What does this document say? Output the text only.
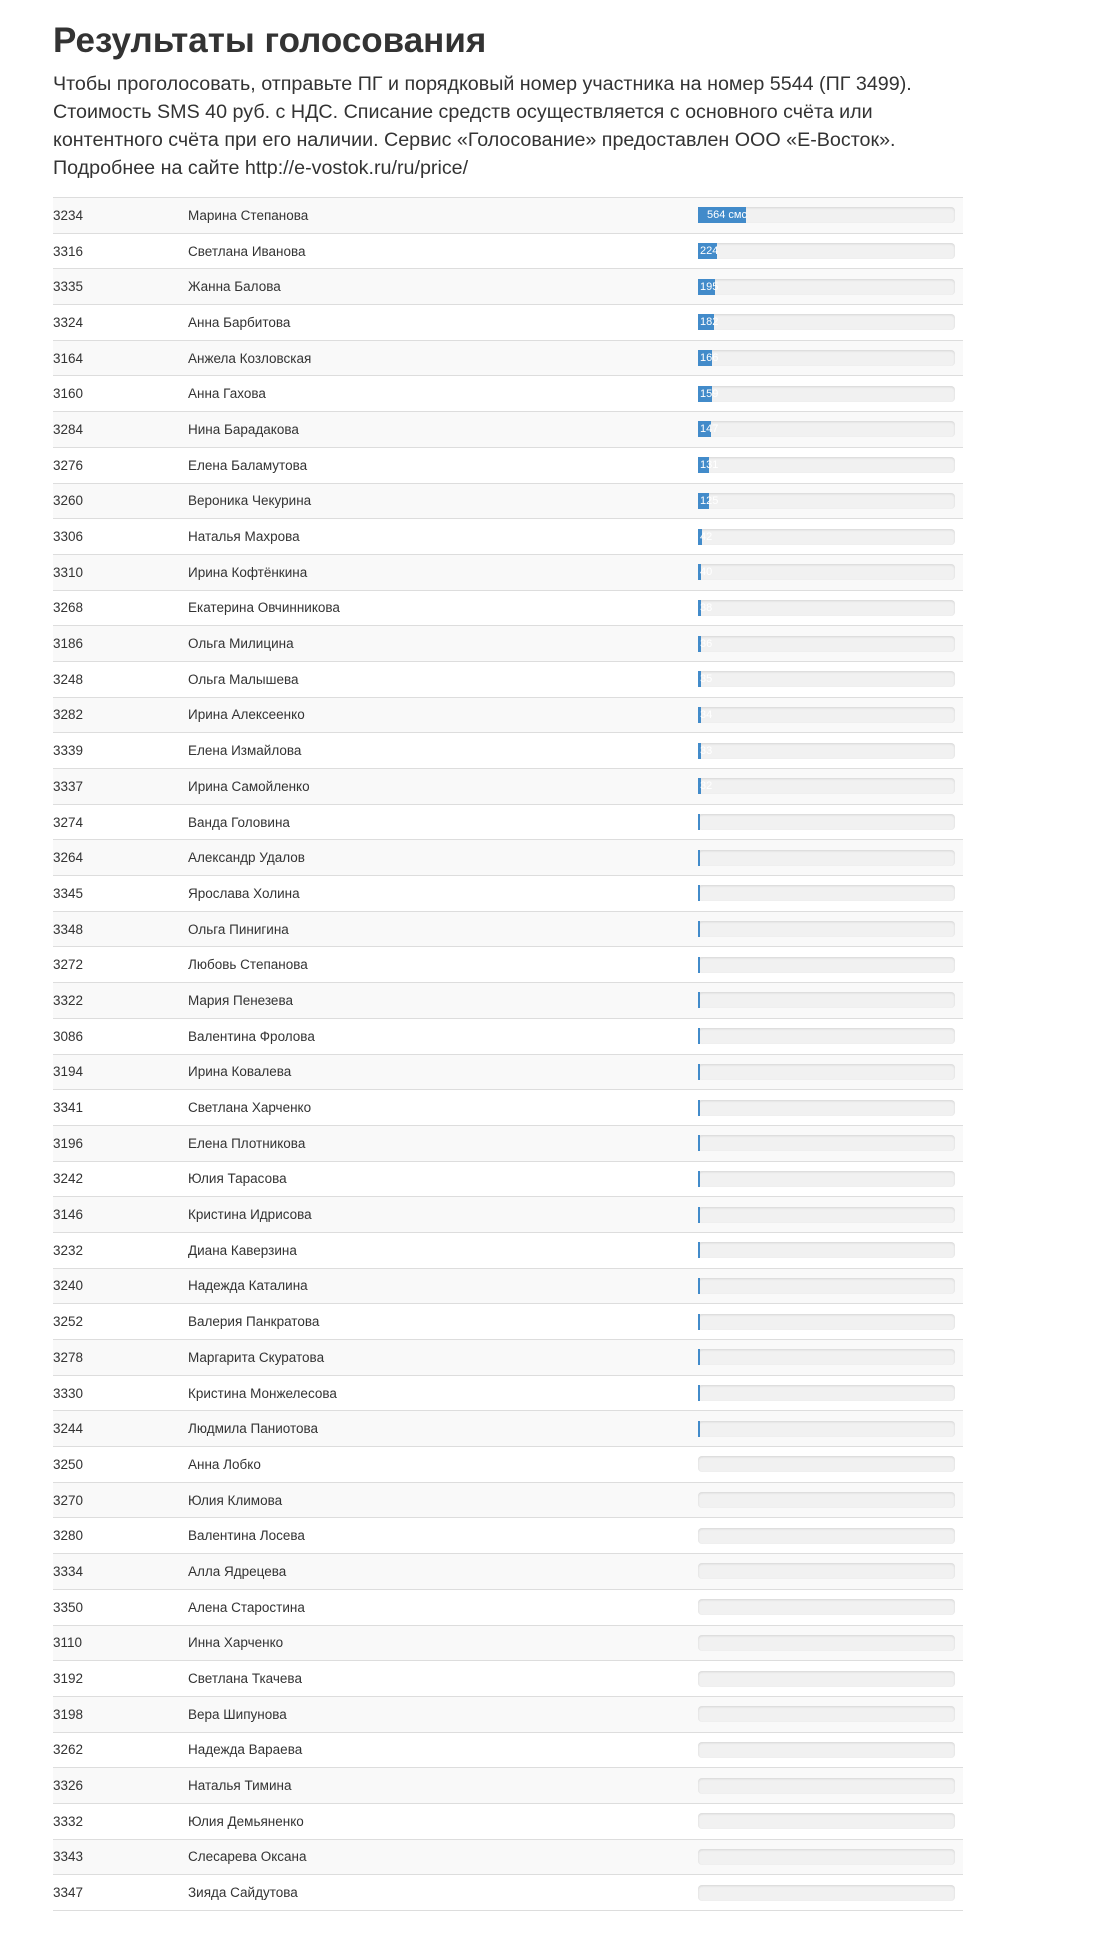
Результаты голосования

Чтобы проголосовать, отправьте ПГ и порядковый номер участника на номер 5544 (ПГ 3499).
Стоимость SMS 40 руб. с НДС. Списание средств осуществляется с основного счёта или
контентного счёта при его наличии. Сервис «Голосование» предоставлен ООО «Е-Восток».
Подробнее на сайте http://e-vostok.ru/ru/price/

3234	Марина Степанова	564 смс

3316	Светлана Иванова	224

3335	Жанна Балова	195

3324	Анна Барбитова	182

3164	Анжела Козловская	166

3160	Анна Гахова	159

3284	Нина Барадакова	147

3276	Елена Баламутова	131

3260	Вероника Чекурина	125

3306	Наталья Махрова	42

3310	Ирина Кофтёнкина	40

3268	Екатерина Овчинникова	38

3186	Ольга Милицина	36

3248	Ольга Малышева	35

3282	Ирина Алексеенко	34

3339	Елена Измайлова	33

3337	Ирина Самойленко	32

3274	Ванда Головина	

3264	Александр Удалов	

3345	Ярослава Холина	

3348	Ольга Пинигина	

3272	Любовь Степанова	

3322	Мария Пенезева	

3086	Валентина Фролова	

3194	Ирина Ковалева	

3341	Светлана Харченко	

3196	Елена Плотникова	

3242	Юлия Тарасова	

3146	Кристина Идрисова	

3232	Диана Каверзина	

3240	Надежда Каталина	

3252	Валерия Панкратова	

3278	Маргарита Скуратова	

3330	Кристина Монжелесова	

3244	Людмила Паниотова	

3250	Анна Лобко	

3270	Юлия Климова	

3280	Валентина Лосева	

3334	Алла Ядрецева	

3350	Алена Старостина	

3110	Инна Харченко	

3192	Светлана Ткачева	

3198	Вера Шипунова	

3262	Надежда Вараева	

3326	Наталья Тимина	

3332	Юлия Демьяненко	

3343	Слесарева Оксана	

3347	Зияда Сайдутова	
